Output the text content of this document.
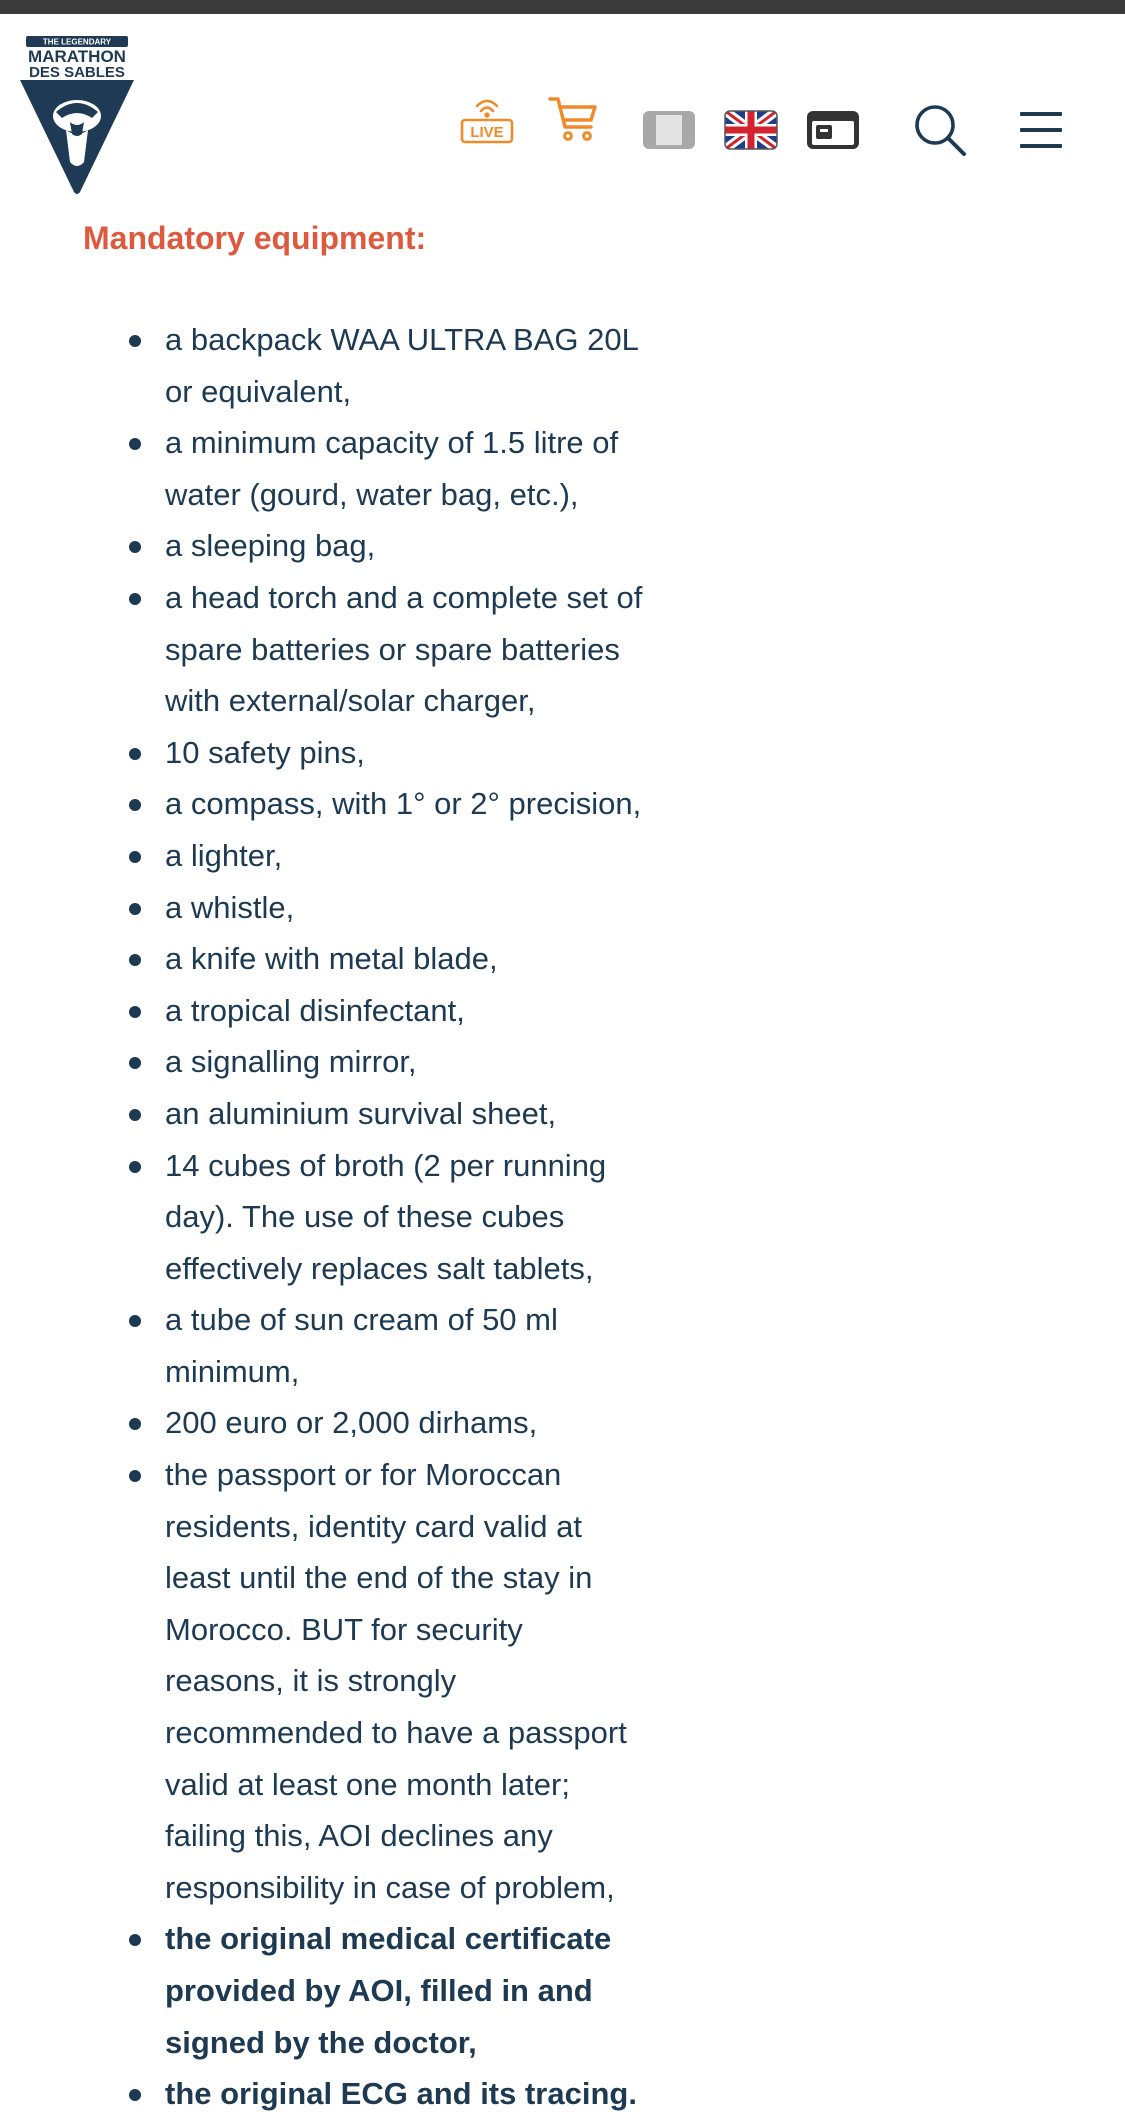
THE LEGENDARY
MARATHON
DES SABLES
LIVE
Mandatory equipment:
a backpack WAA ULTRA BAG 20L
or equivalent,
a minimum capacity of 1.5 litre of
water (gourd, water bag, etc.),
a sleeping bag,
a head torch and a complete set of
spare batteries or spare batteries
with external/solar charger,
10 safety pins,
a compass, with 1° or 2° precision,
a lighter,
a whistle,
a knife with metal blade,
a tropical disinfectant,
a signalling mirror,
an aluminium survival sheet,
14 cubes of broth (2 per running
day). The use of these cubes
effectively replaces salt tablets,
a tube of sun cream of 50 ml
minimum,
200 euro or 2,000 dirhams,
the passport or for Moroccan
residents, identity card valid at
least until the end of the stay in
Morocco. BUT for security
reasons, it is strongly
recommended to have a passport
valid at least one month later;
failing this, AOI declines any
responsibility in case of problem,
the original medical certificate
provided by AOI, filled in and
signed by the doctor,
the original ECG and its tracing.
